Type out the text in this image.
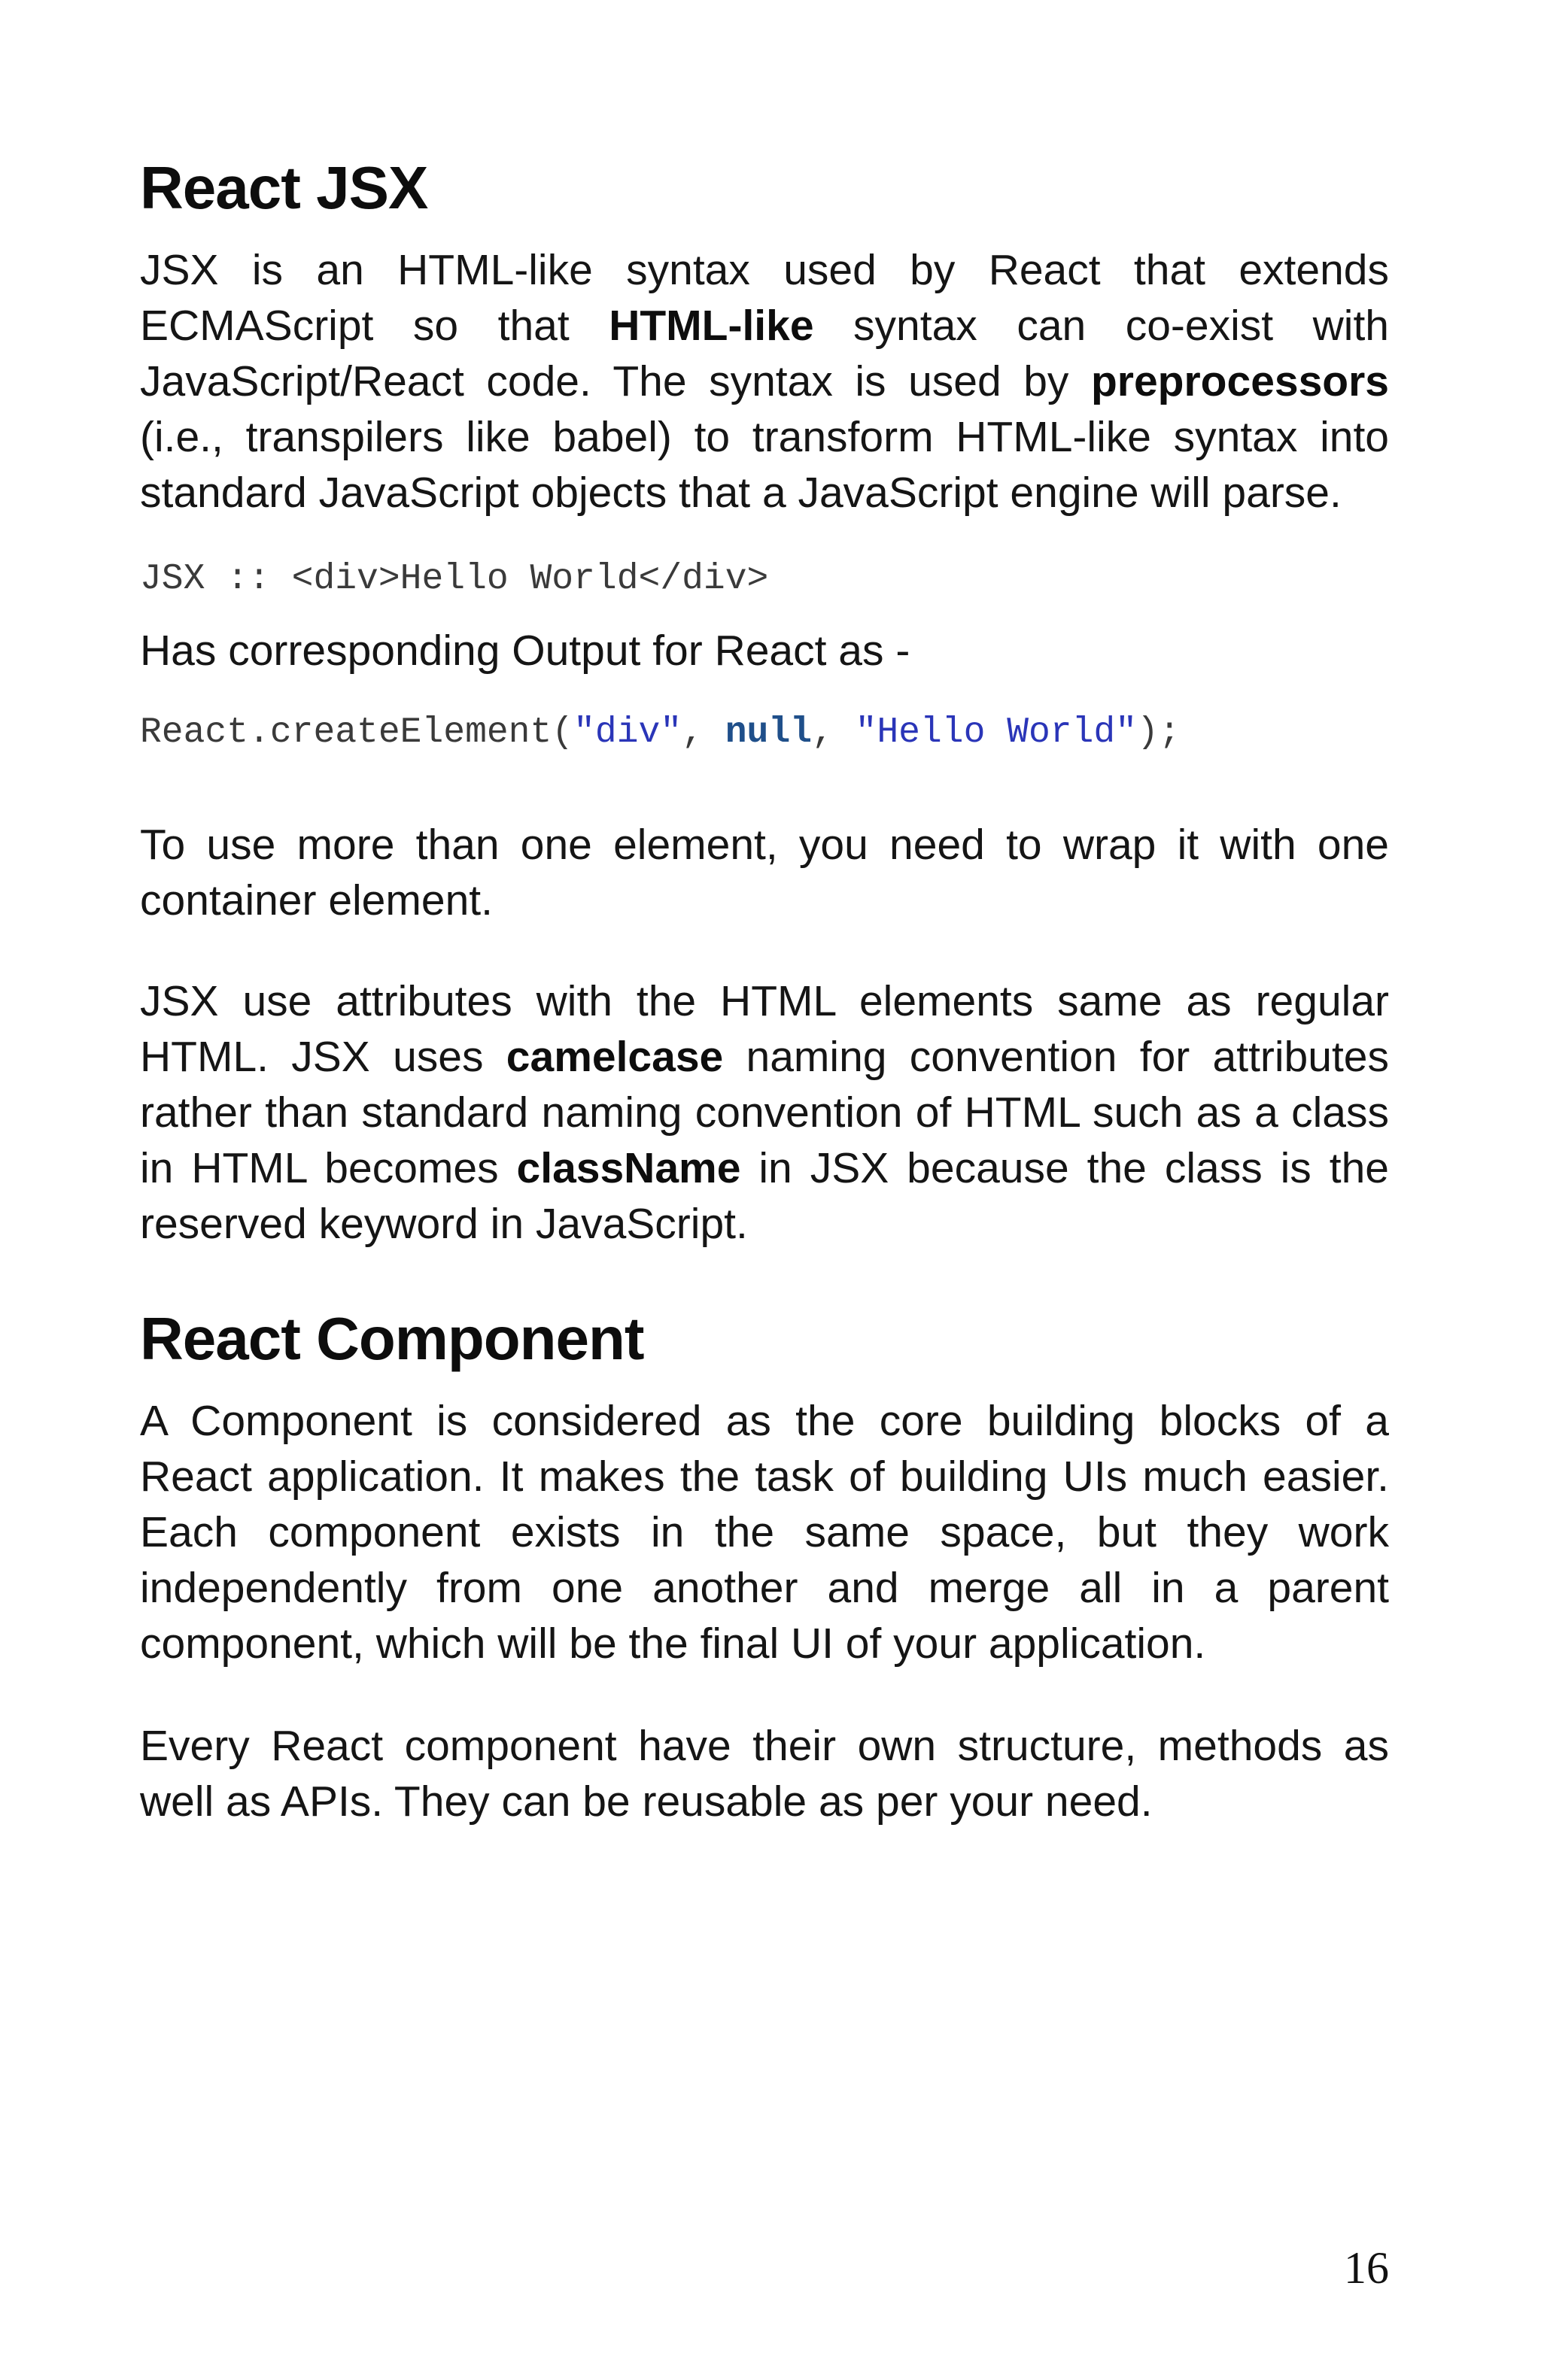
React JSX

JSX is an HTML-like syntax used by React that extends ECMAScript so that HTML-like syntax can co-exist with JavaScript/React code. The syntax is used by preprocessors (i.e., transpilers like babel) to transform HTML-like syntax into standard JavaScript objects that a JavaScript engine will parse.

JSX :: <div>Hello World</div>

Has corresponding Output for React as -

React.createElement("div", null, "Hello World");

To use more than one element, you need to wrap it with one container element.

JSX use attributes with the HTML elements same as regular HTML. JSX uses camelcase naming convention for attributes rather than standard naming convention of HTML such as a class in HTML becomes className in JSX because the class is the reserved keyword in JavaScript.

React Component

A Component is considered as the core building blocks of a React application. It makes the task of building UIs much easier. Each component exists in the same space, but they work independently from one another and merge all in a parent component, which will be the final UI of your application.

Every React component have their own structure, methods as well as APIs. They can be reusable as per your need.

16
